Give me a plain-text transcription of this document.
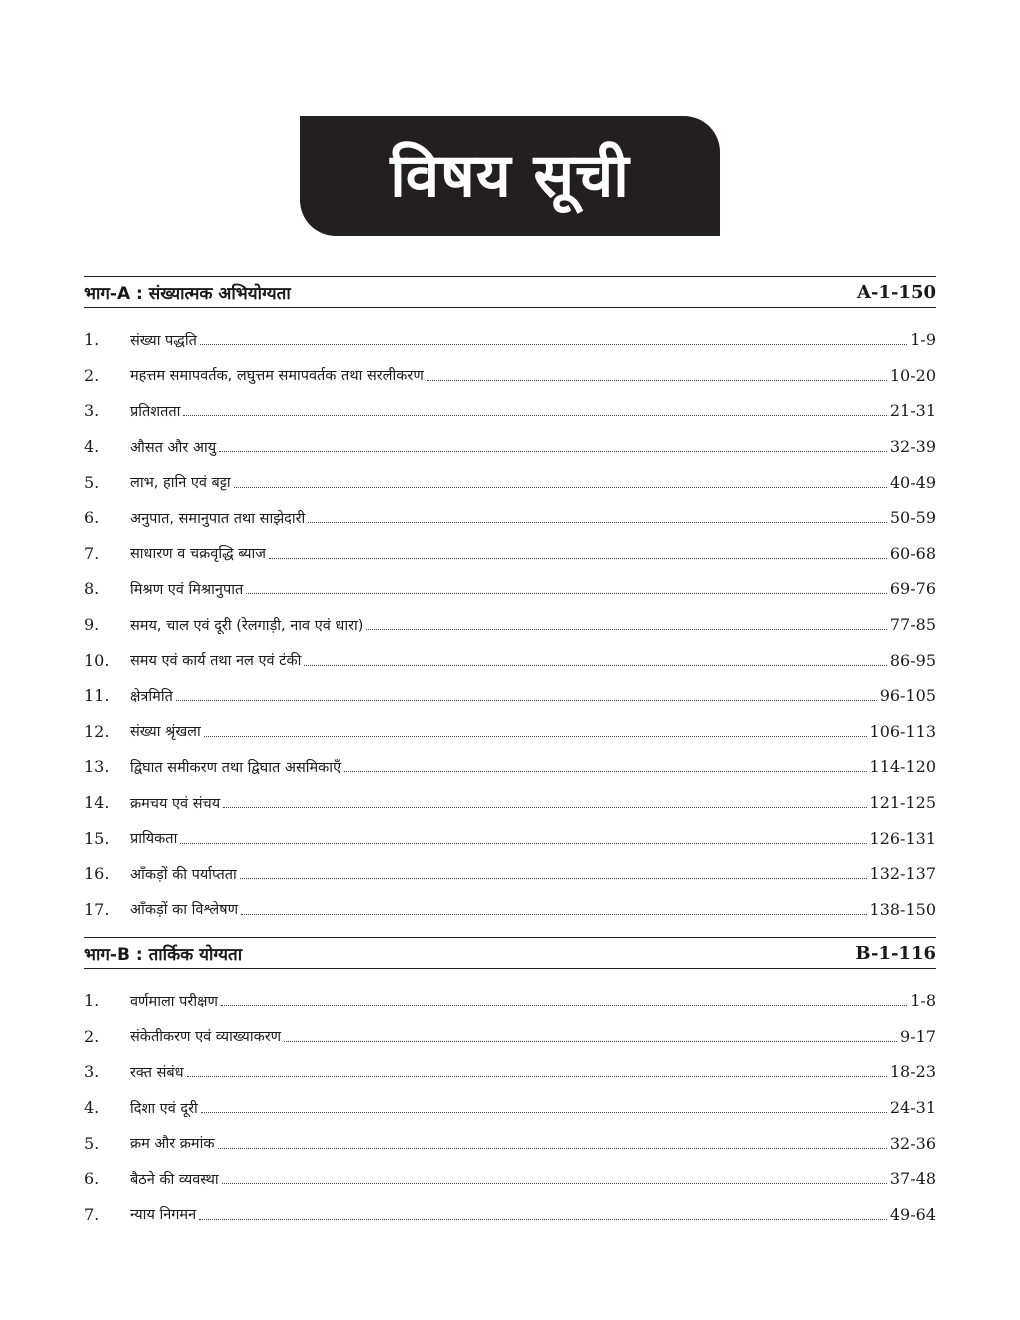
विषय सूची
भाग-A : संख्यात्मक अभियोग्यता	A-1-150
1.	संख्या पद्धति	1-9
2.	महत्तम समापवर्तक, लघुत्तम समापवर्तक तथा सरलीकरण	10-20
3.	प्रतिशतता	21-31
4.	औसत और आयु	32-39
5.	लाभ, हानि एवं बट्टा	40-49
6.	अनुपात, समानुपात तथा साझेदारी	50-59
7.	साधारण व चक्रवृद्धि ब्याज	60-68
8.	मिश्रण एवं मिश्रानुपात	69-76
9.	समय, चाल एवं दूरी (रेलगाड़ी, नाव एवं धारा)	77-85
10.	समय एवं कार्य तथा नल एवं टंकी	86-95
11.	क्षेत्रमिति	96-105
12.	संख्या श्रृंखला	106-113
13.	द्विघात समीकरण तथा द्विघात असमिकाएँ	114-120
14.	क्रमचय एवं संचय	121-125
15.	प्रायिकता	126-131
16.	आँकड़ों की पर्याप्तता	132-137
17.	आँकड़ों का विश्लेषण	138-150
भाग-B : तार्किक योग्यता	B-1-116
1.	वर्णमाला परीक्षण	1-8
2.	संकेतीकरण एवं व्याख्याकरण	9-17
3.	रक्त संबंध	18-23
4.	दिशा एवं दूरी	24-31
5.	क्रम और क्रमांक	32-36
6.	बैठने की व्यवस्था	37-48
7.	न्याय निगमन	49-64
